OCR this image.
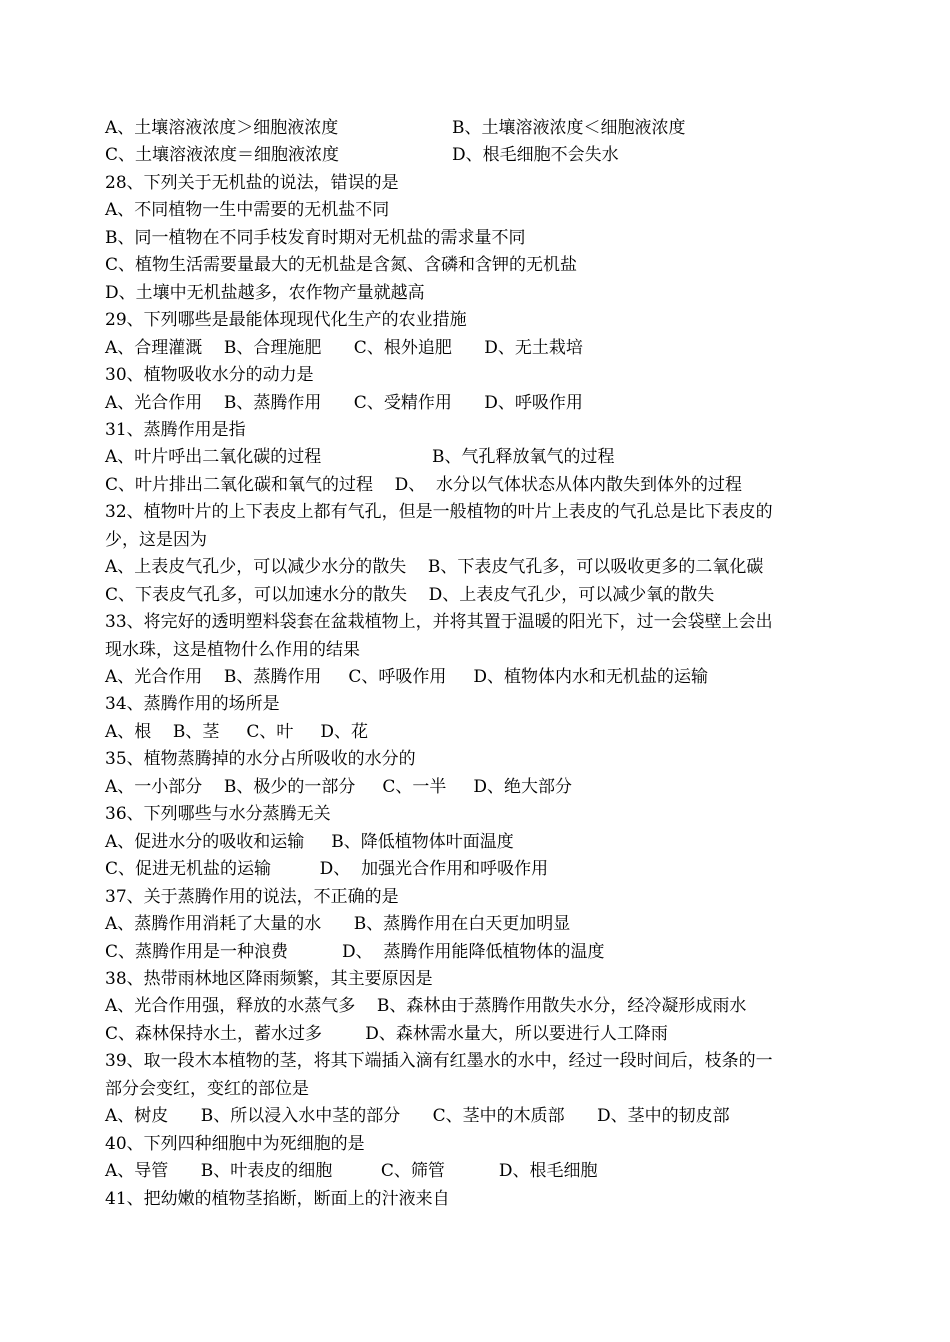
A、土壤溶液浓度＞细胞液浓度	B、土壤溶液浓度＜细胞液浓度
C、土壤溶液浓度＝细胞液浓度	D、根毛细胞不会失水
28、下列关于无机盐的说法，错误的是
A、不同植物一生中需要的无机盐不同
B、同一植物在不同手枝发育时期对无机盐的需求量不同
C、植物生活需要量最大的无机盐是含氮、含磷和含钾的无机盐
D、土壤中无机盐越多，农作物产量就越高
29、下列哪些是最能体现现代化生产的农业措施
A、合理灌溉    B、合理施肥      C、根外追肥      D、无土栽培
30、植物吸收水分的动力是
A、光合作用    B、蒸腾作用      C、受精作用      D、呼吸作用
31、蒸腾作用是指
A、叶片呼出二氧化碳的过程	B、气孔释放氧气的过程
C、叶片排出二氧化碳和氧气的过程    D、  水分以气体状态从体内散失到体外的过程
32、植物叶片的上下表皮上都有气孔，但是一般植物的叶片上表皮的气孔总是比下表皮的
少，这是因为
A、上表皮气孔少，可以减少水分的散失    B、下表皮气孔多，可以吸收更多的二氧化碳
C、下表皮气孔多，可以加速水分的散失    D、上表皮气孔少，可以减少氧的散失
33、将完好的透明塑料袋套在盆栽植物上，并将其置于温暖的阳光下，过一会袋壁上会出
现水珠，这是植物什么作用的结果
A、光合作用    B、蒸腾作用     C、呼吸作用     D、植物体内水和无机盐的运输
34、蒸腾作用的场所是
A、根    B、茎     C、叶     D、花
35、植物蒸腾掉的水分占所吸收的水分的
A、一小部分    B、极少的一部分     C、一半     D、绝大部分
36、下列哪些与水分蒸腾无关
A、促进水分的吸收和运输     B、降低植物体叶面温度
C、促进无机盐的运输         D、  加强光合作用和呼吸作用
37、关于蒸腾作用的说法，不正确的是
A、蒸腾作用消耗了大量的水      B、蒸腾作用在白天更加明显
C、蒸腾作用是一种浪费          D、  蒸腾作用能降低植物体的温度
38、热带雨林地区降雨频繁，其主要原因是
A、光合作用强，释放的水蒸气多    B、森林由于蒸腾作用散失水分，经冷凝形成雨水
C、森林保持水土，蓄水过多        D、森林需水量大，所以要进行人工降雨
39、取一段木本植物的茎，将其下端插入滴有红墨水的水中，经过一段时间后，枝条的一
部分会变红，变红的部位是
A、树皮      B、所以浸入水中茎的部分      C、茎中的木质部      D、茎中的韧皮部
40、下列四种细胞中为死细胞的是
A、导管      B、叶表皮的细胞         C、筛管          D、根毛细胞
41、把幼嫩的植物茎掐断，断面上的汁液来自
